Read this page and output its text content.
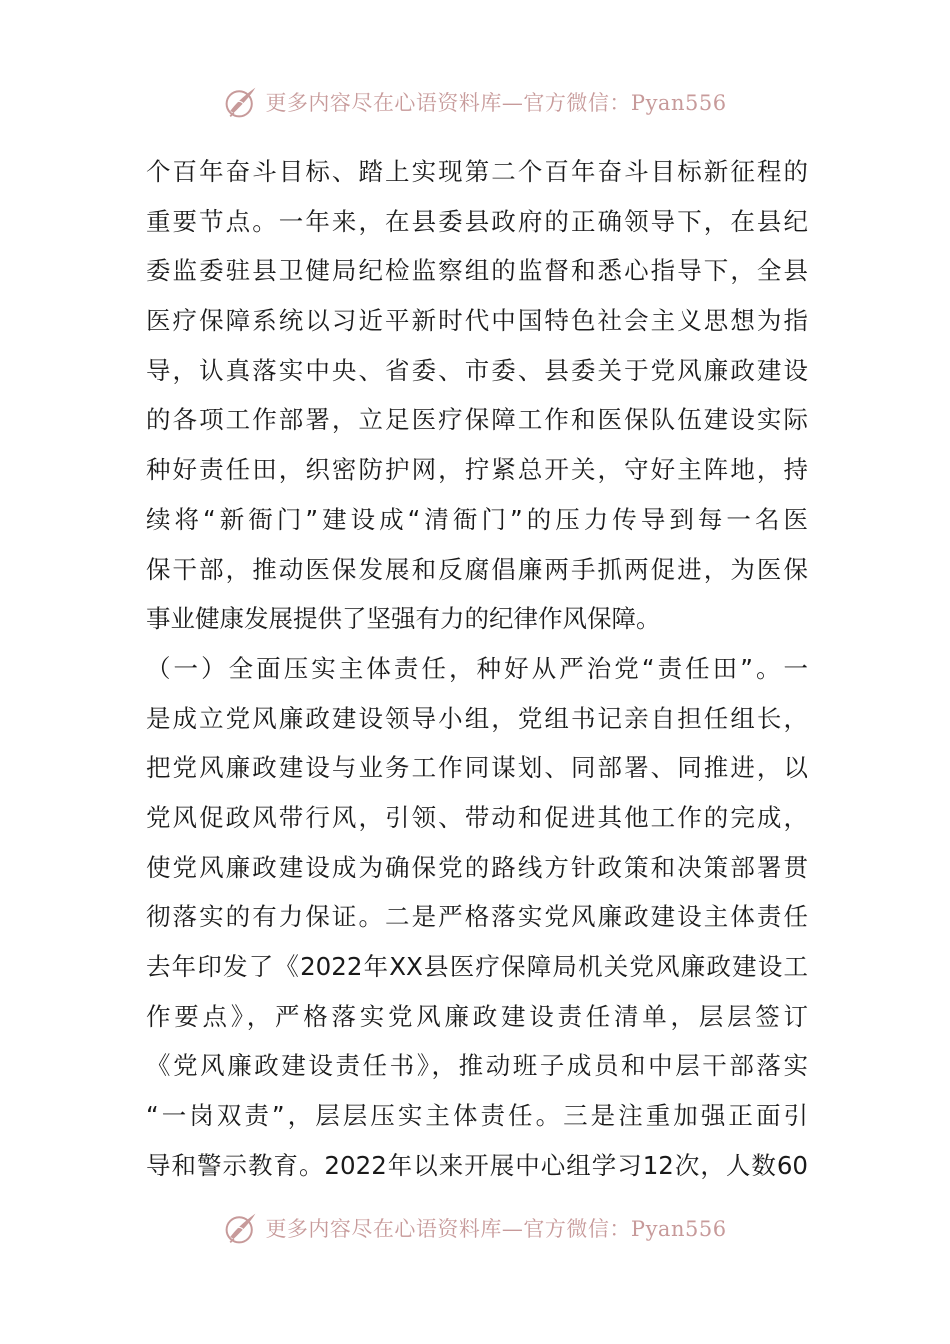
更多内容尽在心语资料库—官方微信：Pyan556
个百年奋斗目标、踏上实现第二个百年奋斗目标新征程的
重要节点。一年来，在县委县政府的正确领导下，在县纪
委监委驻县卫健局纪检监察组的监督和悉心指导下，全县
医疗保障系统以习近平新时代中国特色社会主义思想为指
导，认真落实中央、省委、市委、县委关于党风廉政建设
的各项工作部署，立足医疗保障工作和医保队伍建设实际
种好责任田，织密防护网，拧紧总开关，守好主阵地，持
续将“新衙门”建设成“清衙门”的压力传导到每一名医
保干部，推动医保发展和反腐倡廉两手抓两促进，为医保
事业健康发展提供了坚强有力的纪律作风保障。
（一）全面压实主体责任，种好从严治党“责任田”。一
是成立党风廉政建设领导小组，党组书记亲自担任组长，
把党风廉政建设与业务工作同谋划、同部署、同推进，以
党风促政风带行风，引领、带动和促进其他工作的完成，
使党风廉政建设成为确保党的路线方针政策和决策部署贯
彻落实的有力保证。二是严格落实党风廉政建设主体责任
去年印发了《2022年XX县医疗保障局机关党风廉政建设工
作要点》，严格落实党风廉政建设责任清单，层层签订
《党风廉政建设责任书》，推动班子成员和中层干部落实
“一岗双责”，层层压实主体责任。三是注重加强正面引
导和警示教育。2022年以来开展中心组学习12次，人数60
更多内容尽在心语资料库—官方微信：Pyan556
